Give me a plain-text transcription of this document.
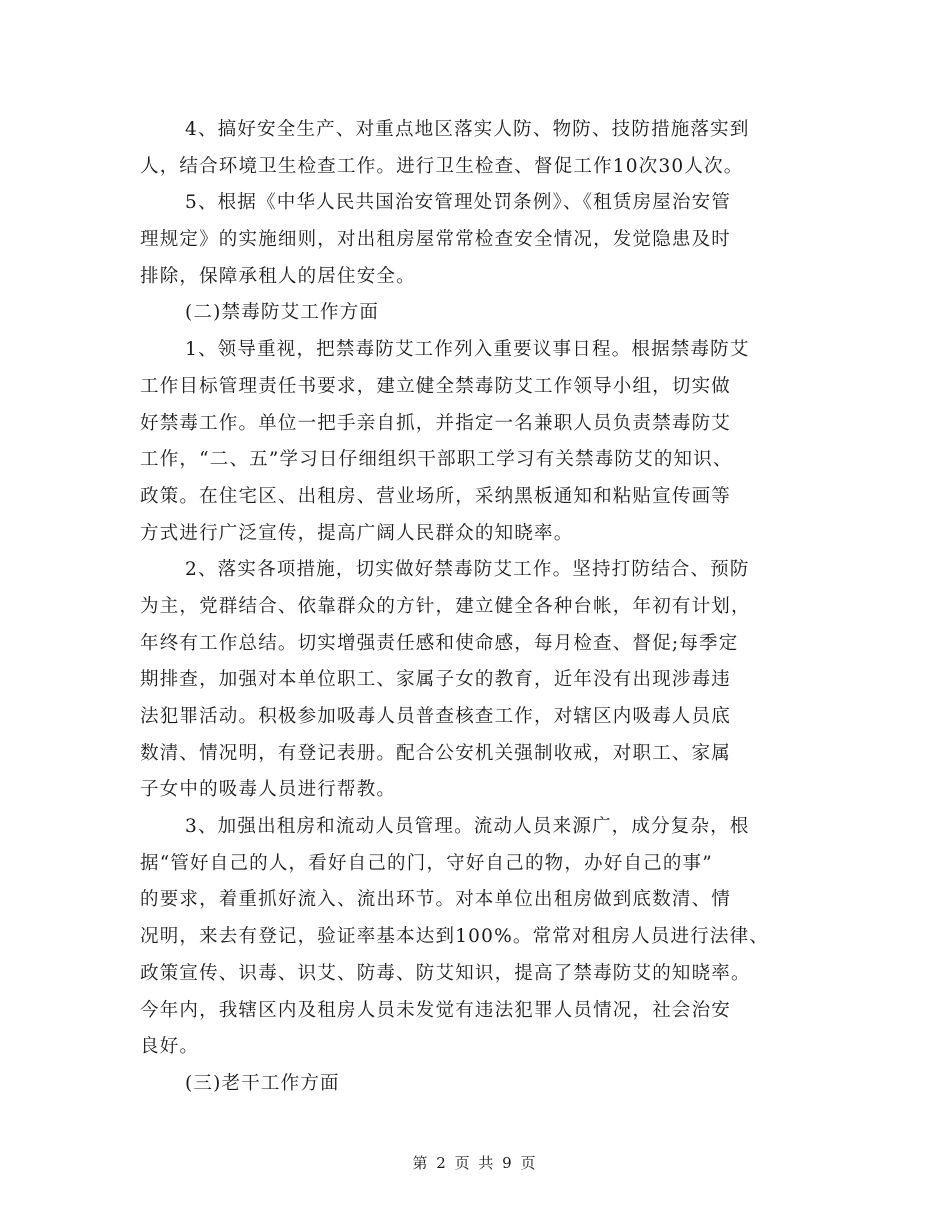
4、搞好安全生产、对重点地区落实人防、物防、技防措施落实到
人，结合环境卫生检查工作。进行卫生检查、督促工作10次30人次。
5、根据《中华人民共国治安管理处罚条例》、《租赁房屋治安管
理规定》的实施细则，对出租房屋常常检查安全情况，发觉隐患及时
排除，保障承租人的居住安全。
(二)禁毒防艾工作方面
1、领导重视，把禁毒防艾工作列入重要议事日程。根据禁毒防艾
工作目标管理责任书要求，建立健全禁毒防艾工作领导小组，切实做
好禁毒工作。单位一把手亲自抓，并指定一名兼职人员负责禁毒防艾
工作，“二、五”学习日仔细组织干部职工学习有关禁毒防艾的知识、
政策。在住宅区、出租房、营业场所，采纳黑板通知和粘贴宣传画等
方式进行广泛宣传，提高广阔人民群众的知晓率。
2、落实各项措施，切实做好禁毒防艾工作。坚持打防结合、预防
为主，党群结合、依靠群众的方针，建立健全各种台帐，年初有计划，
年终有工作总结。切实增强责任感和使命感，每月检查、督促;每季定
期排查，加强对本单位职工、家属子女的教育，近年没有出现涉毒违
法犯罪活动。积极参加吸毒人员普查核查工作，对辖区内吸毒人员底
数清、情况明，有登记表册。配合公安机关强制收戒，对职工、家属
子女中的吸毒人员进行帮教。
3、加强出租房和流动人员管理。流动人员来源广，成分复杂，根
据“管好自己的人，看好自己的门，守好自己的物，办好自己的事”
的要求，着重抓好流入、流出环节。对本单位出租房做到底数清、情
况明，来去有登记，验证率基本达到100%。常常对租房人员进行法律、
政策宣传、识毒、识艾、防毒、防艾知识，提高了禁毒防艾的知晓率。
今年内，我辖区内及租房人员未发觉有违法犯罪人员情况，社会治安
良好。
(三)老干工作方面
第 2 页 共 9 页
